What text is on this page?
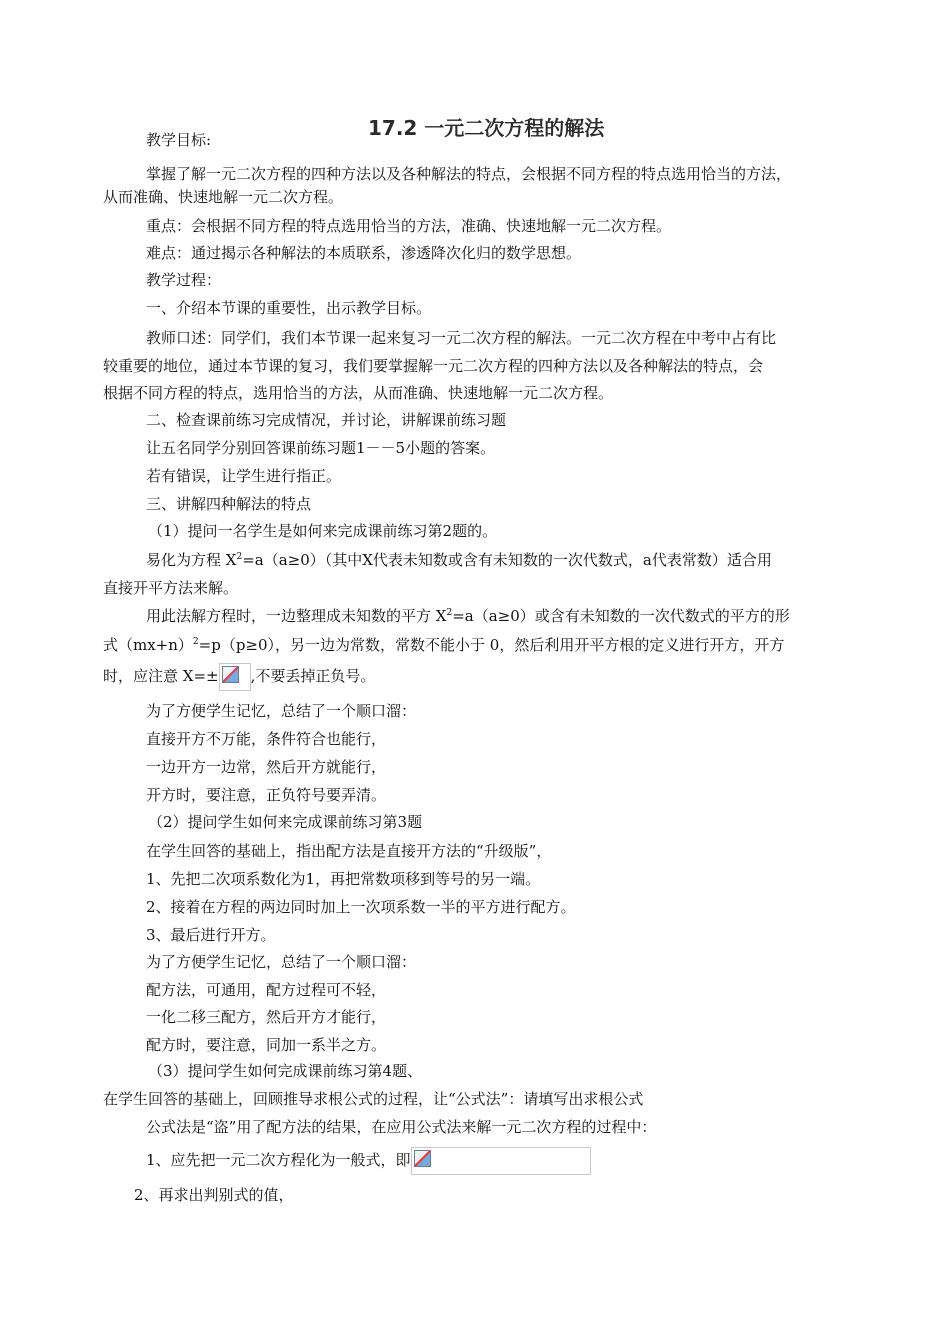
17.2 一元二次方程的解法
教学目标:
掌握了解一元二次方程的四种方法以及各种解法的特点，会根据不同方程的特点选用恰当的方法，
从而准确、快速地解一元二次方程。
重点：会根据不同方程的特点选用恰当的方法，准确、快速地解一元二次方程。
难点：通过揭示各种解法的本质联系，渗透降次化归的数学思想。
教学过程：
一、介绍本节课的重要性，出示教学目标。
教师口述：同学们，我们本节课一起来复习一元二次方程的解法。一元二次方程在中考中占有比
较重要的地位，通过本节课的复习，我们要掌握解一元二次方程的四种方法以及各种解法的特点，会
根据不同方程的特点，选用恰当的方法，从而准确、快速地解一元二次方程。
二、检查课前练习完成情况，并讨论，讲解课前练习题
让五名同学分别回答课前练习题1－－5小题的答案。
若有错误，让学生进行指正。
三、讲解四种解法的特点
（1）提问一名学生是如何来完成课前练习第2题的。
易化为方程 $X^2=a(a\ge 0)$（其中X代表未知数或含有未知数的一次代数式，a代表常数）适合用
直接开平方法来解。
用此法解方程时，一边整理成未知数的平方 $X^2=a(a\ge 0)$或含有未知数的一次代数式的平方的形
式$(mx+n)^2=p(p\ge 0)$，另一边为常数，常数不能小于 0，然后利用开平方根的定义进行开方，开方
时，应注意 X=± ,不要丢掉正负号。
为了方便学生记忆，总结了一个顺口溜：
直接开方不万能，条件符合也能行，
一边开方一边常，然后开方就能行，
开方时，要注意，正负符号要弄清。
（2）提问学生如何来完成课前练习第3题
在学生回答的基础上，指出配方法是直接开方法的“升级版”，
1、先把二次项系数化为1，再把常数项移到等号的另一端。
2、接着在方程的两边同时加上一次项系数一半的平方进行配方。
3、最后进行开方。
为了方便学生记忆，总结了一个顺口溜：
配方法，可通用，配方过程可不轻，
一化二移三配方，然后开方才能行，
配方时，要注意，同加一系半之方。
（3）提问学生如何完成课前练习第4题、
在学生回答的基础上，回顾推导求根公式的过程，让“公式法”：请填写出求根公式
公式法是“盗”用了配方法的结果，在应用公式法来解一元二次方程的过程中：
1、应先把一元二次方程化为一般式，即
2、再求出判别式的值，
